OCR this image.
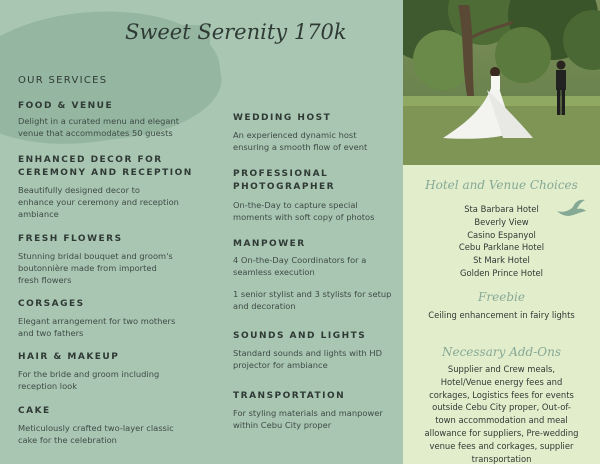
Sweet Serenity 170k
OUR SERVICES
FOOD & VENUE

Delight in a curated menu and elegant
venue that accommodates 50 guests

ENHANCED DECOR FOR
CEREMONY AND RECEPTION

Beautifully designed decor to
enhance your ceremony and reception
ambiance

FRESH FLOWERS

Stunning bridal bouquet and groom's
boutonnière made from imported
fresh flowers

CORSAGES

Elegant arrangement for two mothers
and two fathers

HAIR & MAKEUP

For the bride and groom including
reception look

CAKE

Meticulously crafted two-layer classic
cake for the celebration

WEDDING HOST

An experienced dynamic host
ensuring a smooth flow of event

PROFESSIONAL
PHOTOGRAPHER

On-the-Day to capture special
moments with soft copy of photos

MANPOWER

4 On-the-Day Coordinators for a
seamless execution

1 senior stylist and 3 stylists for setup
and decoration

SOUNDS AND LIGHTS

Standard sounds and lights with HD
projector for ambiance

TRANSPORTATION

For styling materials and manpower
within Cebu City proper

Hotel and Venue Choices
Sta Barbara Hotel
Beverly View
Casino Espanyol
Cebu Parklane Hotel
St Mark Hotel
Golden Prince Hotel
Freebie
Ceiling enhancement in fairy lights
Necessary Add-Ons
Supplier and Crew meals,
Hotel/Venue energy fees and
corkages, Logistics fees for events
outside Cebu City proper, Out-of-
town accommodation and meal
allowance for suppliers, Pre-wedding
venue fees and corkages, supplier
transportation
